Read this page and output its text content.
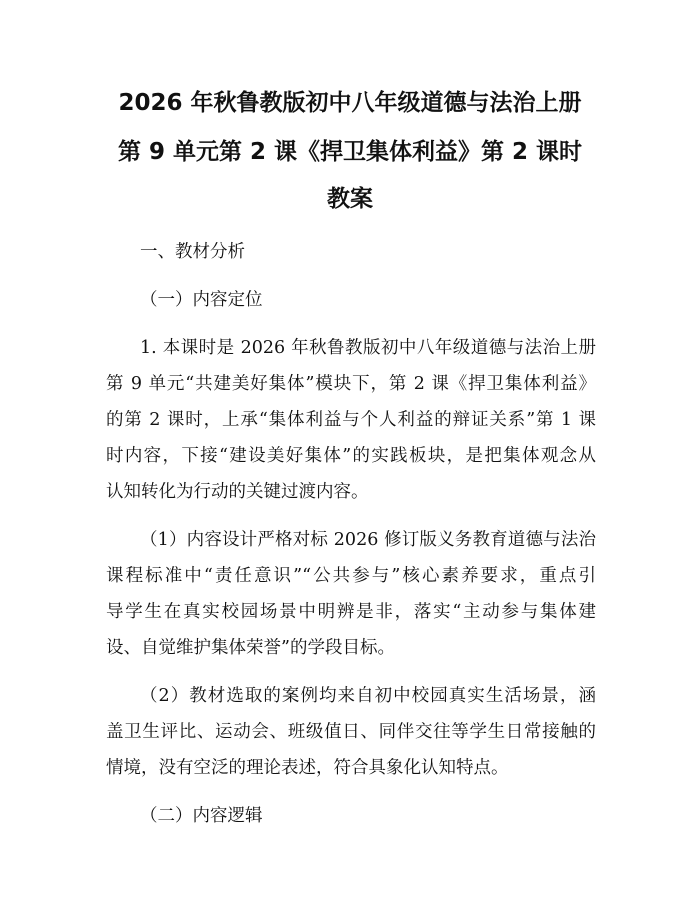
2026 年秋鲁教版初中八年级道德与法治上册
第 9 单元第 2 课《捍卫集体利益》第 2 课时
教案
一、教材分析
（一）内容定位
1. 本课时是 2026 年秋鲁教版初中八年级道德与法治上册
第 9 单元“共建美好集体”模块下，第 2 课《捍卫集体利益》
的第 2 课时，上承“集体利益与个人利益的辩证关系”第 1 课
时内容，下接“建设美好集体”的实践板块，是把集体观念从
认知转化为行动的关键过渡内容。
（1）内容设计严格对标 2026 修订版义务教育道德与法治
课程标准中“责任意识”“公共参与”核心素养要求，重点引
导学生在真实校园场景中明辨是非，落实“主动参与集体建
设、自觉维护集体荣誉”的学段目标。
（2）教材选取的案例均来自初中校园真实生活场景，涵
盖卫生评比、运动会、班级值日、同伴交往等学生日常接触的
情境，没有空泛的理论表述，符合具象化认知特点。
（二）内容逻辑
